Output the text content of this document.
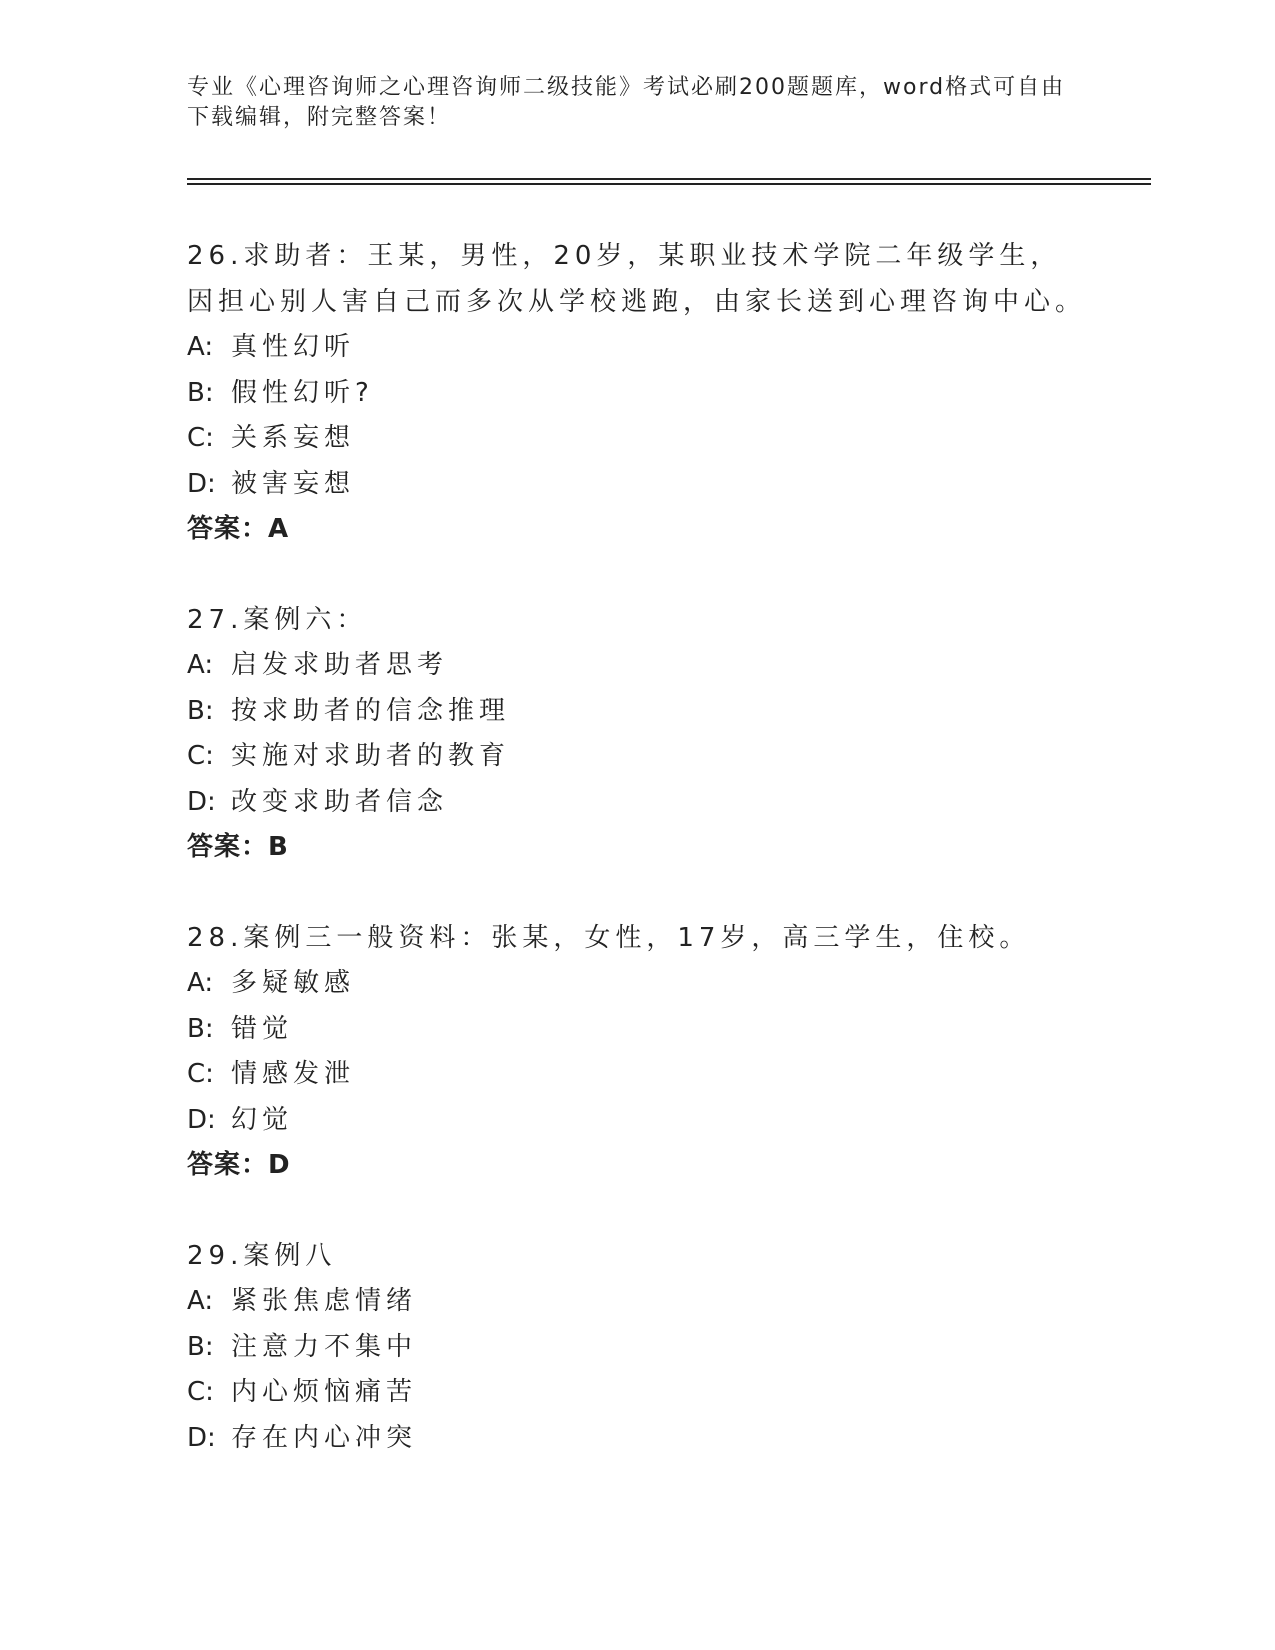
专业《心理咨询师之心理咨询师二级技能》考试必刷200题题库，word格式可自由下载编辑，附完整答案！

26.求助者：王某，男性，20岁，某职业技术学院二年级学生，因担心别人害自己而多次从学校逃跑，由家长送到心理咨询中心。

A: 真性幻听
B: 假性幻听?
C: 关系妄想
D: 被害妄想
答案：A

27.案例六：

A: 启发求助者思考
B: 按求助者的信念推理
C: 实施对求助者的教育
D: 改变求助者信念
答案：B

28.案例三一般资料：张某，女性，17岁，高三学生，住校。

A: 多疑敏感
B: 错觉
C: 情感发泄
D: 幻觉
答案：D

29.案例八

A: 紧张焦虑情绪
B: 注意力不集中
C: 内心烦恼痛苦
D: 存在内心冲突
